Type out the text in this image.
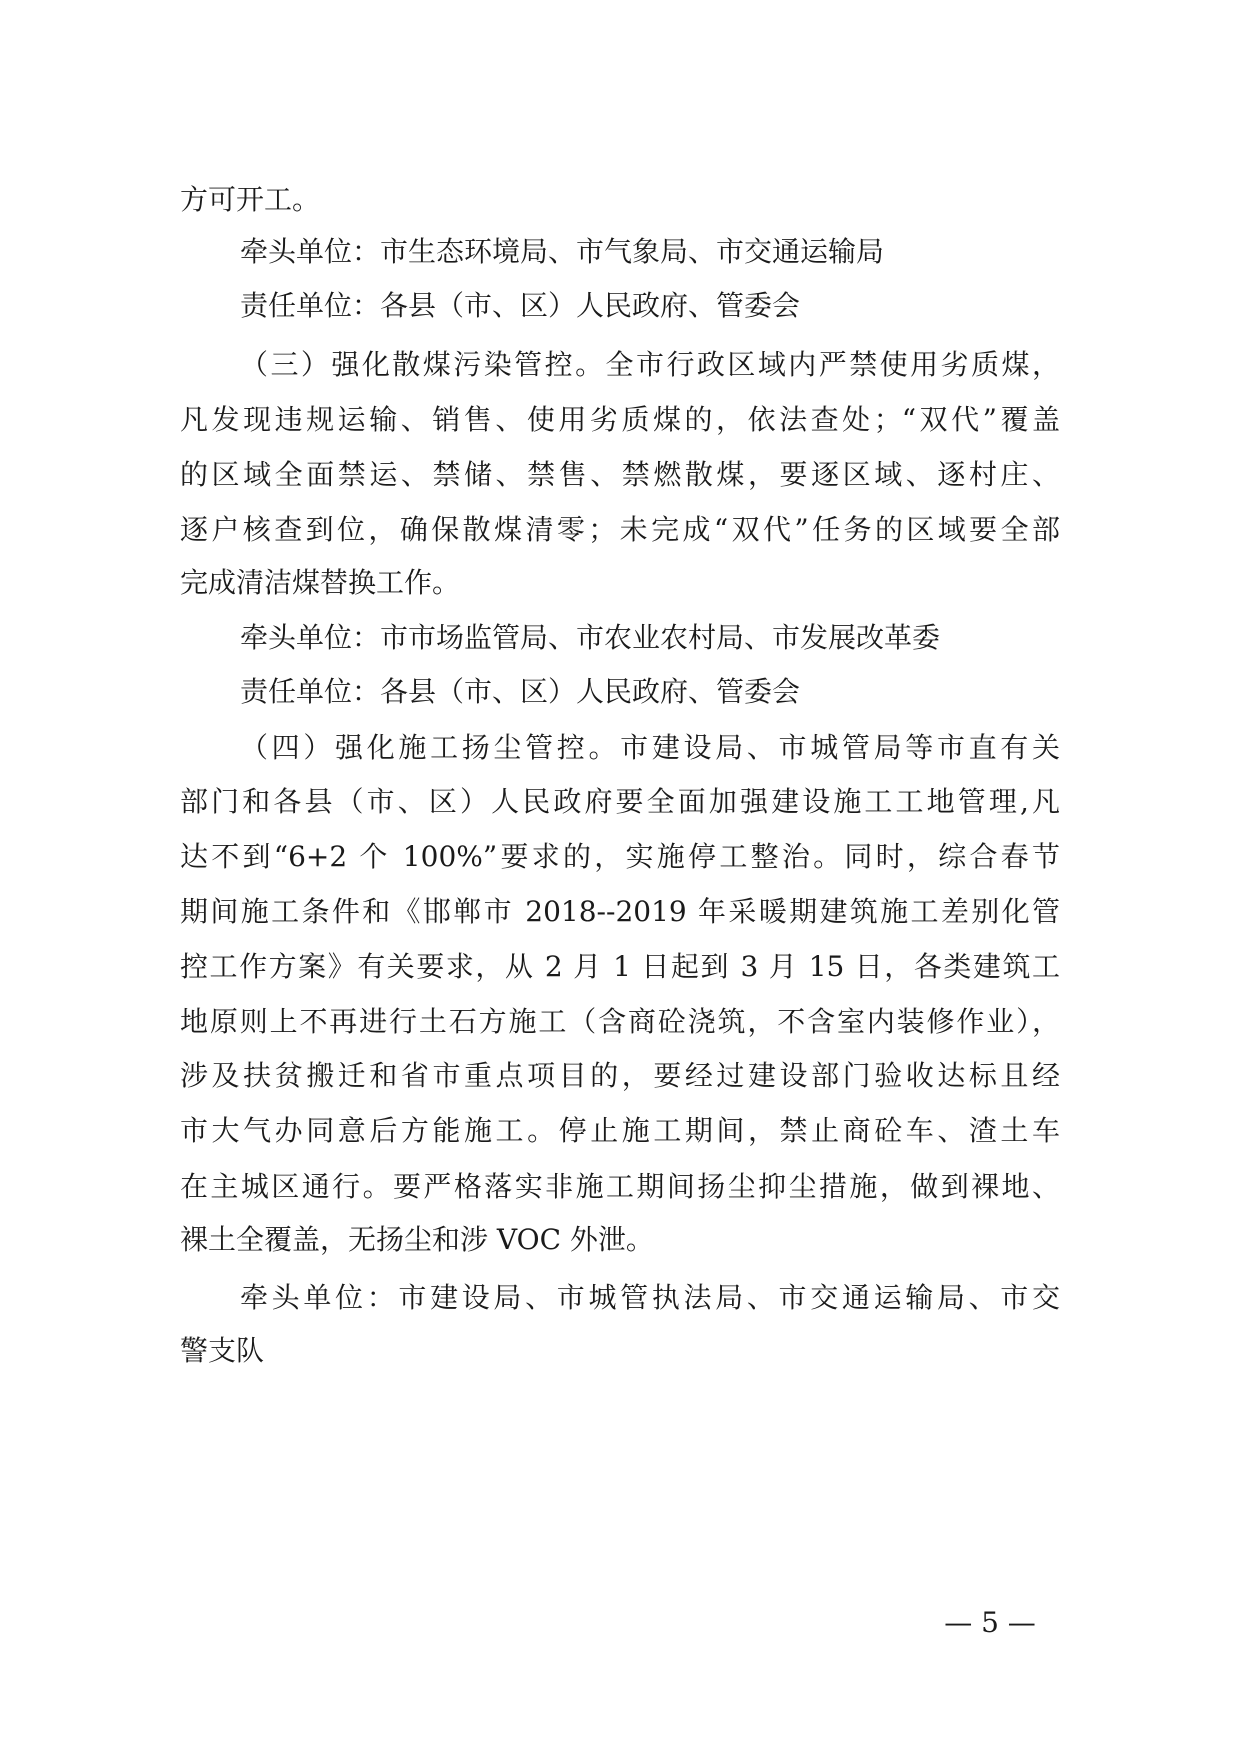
方可开工。
牵头单位：市生态环境局、市气象局、市交通运输局
责任单位：各县（市、区）人民政府、管委会
（三）强化散煤污染管控。全市行政区域内严禁使用劣质煤，
凡发现违规运输、销售、使用劣质煤的，依法查处；“双代”覆盖
的区域全面禁运、禁储、禁售、禁燃散煤，要逐区域、逐村庄、
逐户核查到位，确保散煤清零；未完成“双代”任务的区域要全部
完成清洁煤替换工作。
牵头单位：市市场监管局、市农业农村局、市发展改革委
责任单位：各县（市、区）人民政府、管委会
（四）强化施工扬尘管控。市建设局、市城管局等市直有关
部门和各县（市、区）人民政府要全面加强建设施工工地管理,凡
达不到“6+2 个 100%”要求的，实施停工整治。同时，综合春节
期间施工条件和《邯郸市 2018--2019 年采暖期建筑施工差别化管
控工作方案》有关要求，从 2 月 1 日起到 3 月 15 日，各类建筑工
地原则上不再进行土石方施工（含商砼浇筑，不含室内装修作业），
涉及扶贫搬迁和省市重点项目的，要经过建设部门验收达标且经
市大气办同意后方能施工。停止施工期间，禁止商砼车、渣土车
在主城区通行。要严格落实非施工期间扬尘抑尘措施，做到裸地、
裸土全覆盖，无扬尘和涉 VOC 外泄。
牵头单位：市建设局、市城管执法局、市交通运输局、市交
警支队
— 5 —
